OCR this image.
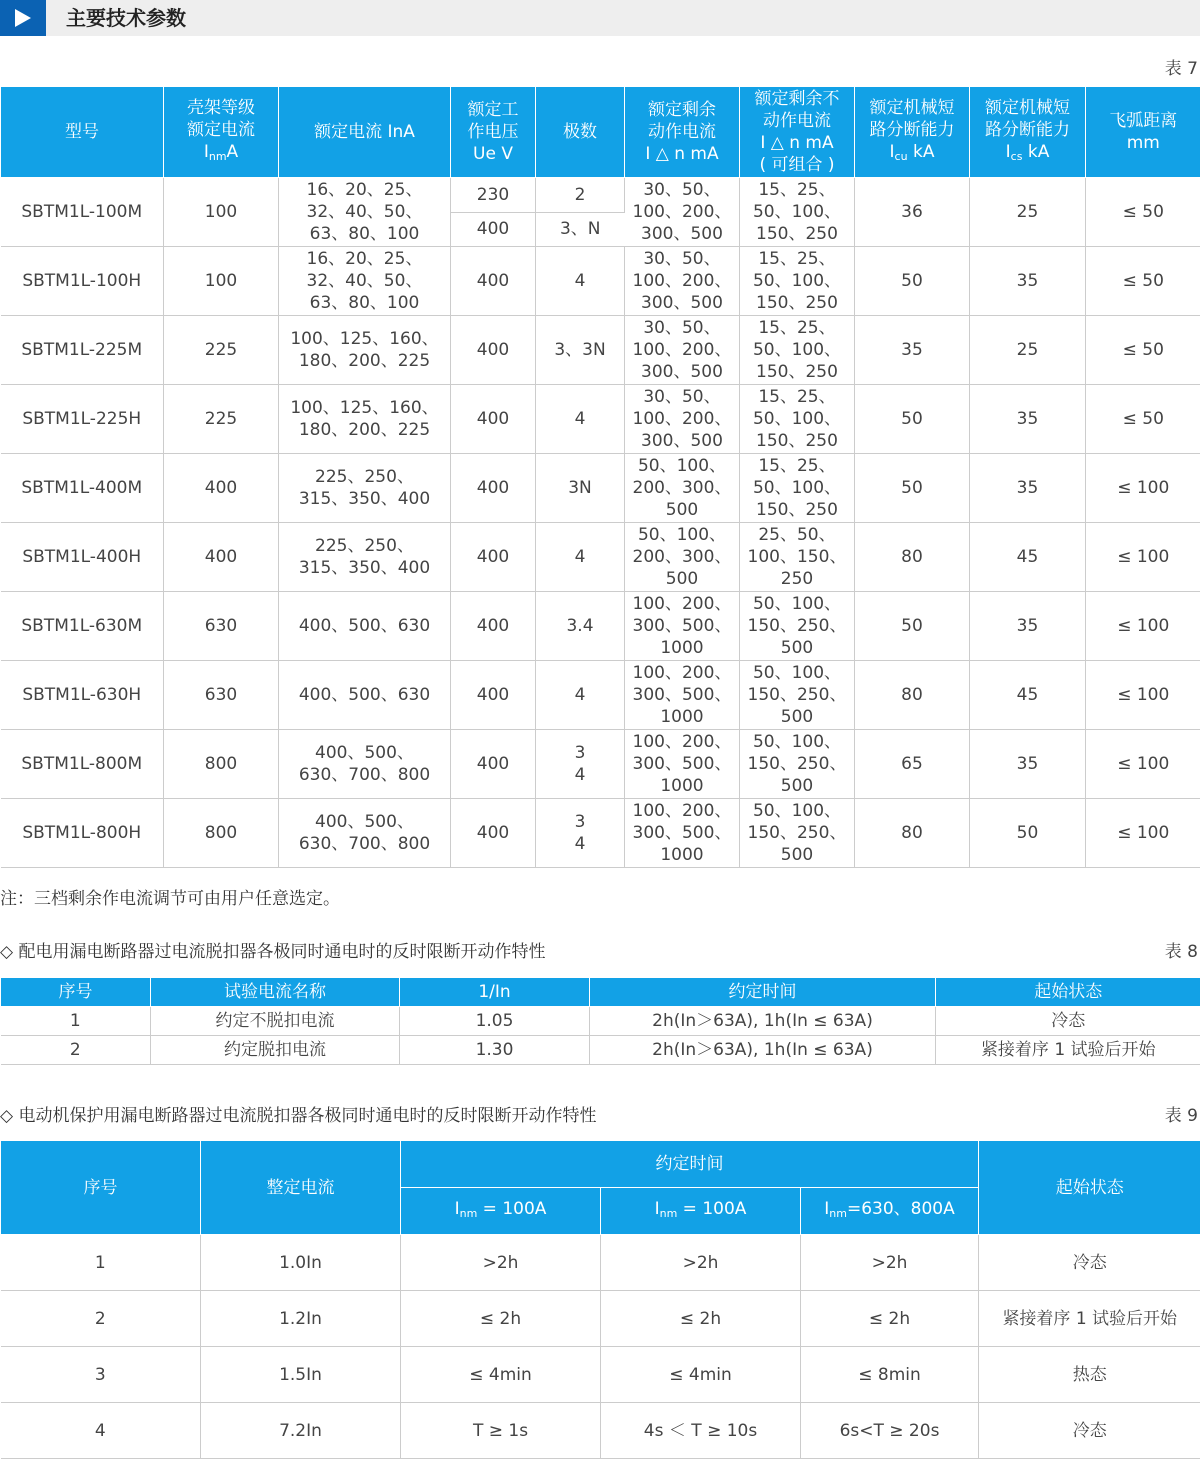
主要技术参数
表 7
型号	壳架等级
额定电流
$I_{nm}A$	额定电流 InA	额定工
作电压
Ue V	极数	额定剩余
动作电流
I △ n mA	额定剩余不
动作电流
I △ n mA
( 可组合 )	额定机械短
路分断能力
$I_{cu}$ kA	额定机械短
路分断能力
$I_{cs}$ kA	飞弧距离
mm
SBTM1L-100M	100	16、20、25、
32、40、50、
63、80、100	230	2	30、50、
100、200、
300、500	15、25、
50、100、
150、250	36	25	≤ 50
			400	3、N					
SBTM1L-100H	100	16、20、25、
32、40、50、
63、80、100	400	4	30、50、
100、200、
300、500	15、25、
50、100、
150、250	50	35	≤ 50
SBTM1L-225M	225	100、125、160、
180、200、225	400	3、3N	30、50、
100、200、
300、500	15、25、
50、100、
150、250	35	25	≤ 50
SBTM1L-225H	225	100、125、160、
180、200、225	400	4	30、50、
100、200、
300、500	15、25、
50、100、
150、250	50	35	≤ 50
SBTM1L-400M	400	225、250、
315、350、400	400	3N	50、100、
200、300、
500	15、25、
50、100、
150、250	50	35	≤ 100
SBTM1L-400H	400	225、250、
315、350、400	400	4	50、100、
200、300、
500	25、50、
100、150、
250	80	45	≤ 100
SBTM1L-630M	630	400、500、630	400	3.4	100、200、
300、500、
1000	50、100、
150、250、
500	50	35	≤ 100
SBTM1L-630H	630	400、500、630	400	4	100、200、
300、500、
1000	50、100、
150、250、
500	80	45	≤ 100
SBTM1L-800M	800	400、500、
630、700、800	400	3
4	100、200、
300、500、
1000	50、100、
150、250、
500	65	35	≤ 100
SBTM1L-800H	800	400、500、
630、700、800	400	3
4	100、200、
300、500、
1000	50、100、
150、250、
500	80	50	≤ 100
注：三档剩余作电流调节可由用户任意选定。
◇ 配电用漏电断路器过电流脱扣器各极同时通电时的反时限断开动作特性	表 8
序号	试验电流名称	1/In	约定时间	起始状态
1	约定不脱扣电流	1.05	2h(In＞63A), 1h(In ≤ 63A)	冷态
2	约定脱扣电流	1.30	2h(In＞63A), 1h(In ≤ 63A)	紧接着序 1 试验后开始
◇ 电动机保护用漏电断路器过电流脱扣器各极同时通电时的反时限断开动作特性	表 9
序号	整定电流	约定时间			起始状态
		$I_{nm} = 100A$	$I_{nm} = 100A$	$I_{nm}=630$、800A	
1	1.0In	>2h	>2h	>2h	冷态
2	1.2In	≤ 2h	≤ 2h	≤ 2h	紧接着序 1 试验后开始
3	1.5In	≤ 4min	≤ 4min	≤ 8min	热态
4	7.2In	T ≥ 1s	4s ＜ T ≥ 10s	6s<T ≥ 20s	冷态
